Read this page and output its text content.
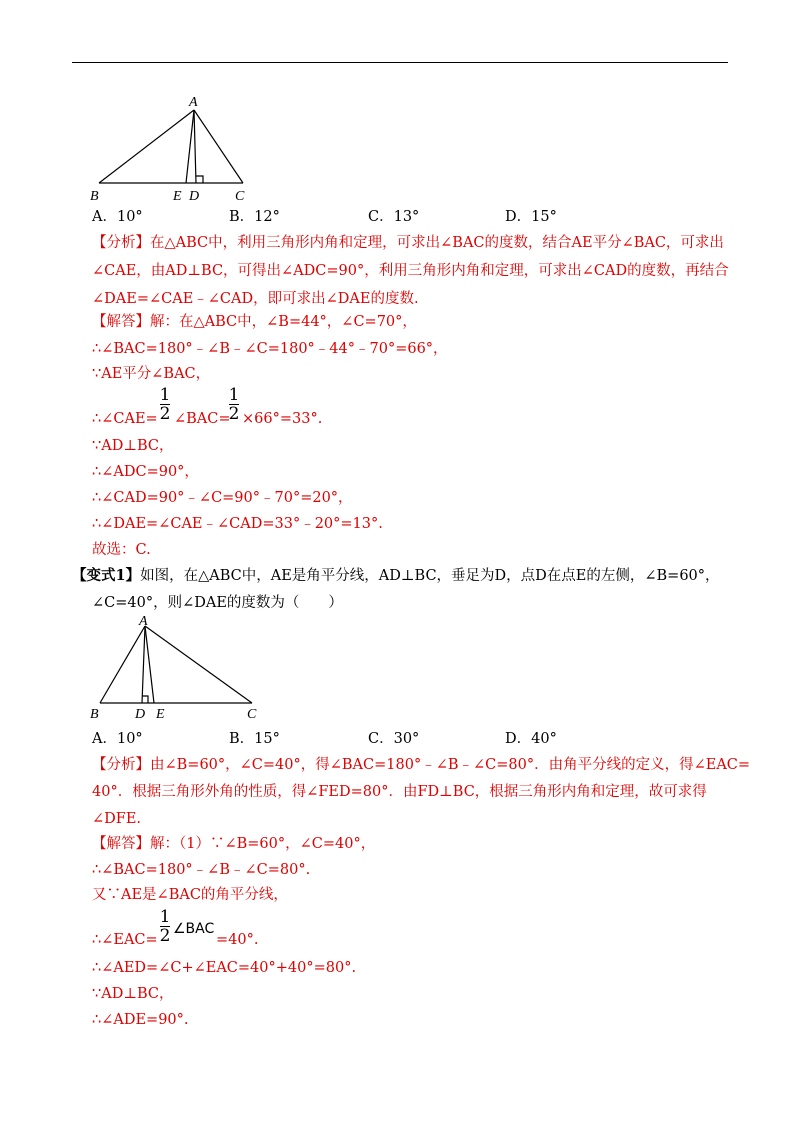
A
B	E D	C
A．10°	B．12°	C．13°	D．15°
【分析】在△ABC中，利用三角形内角和定理，可求出∠BAC的度数，结合AE平分∠BAC，可求出
∠CAE，由AD⊥BC，可得出∠ADC=90°，利用三角形内角和定理，可求出∠CAD的度数，再结合
∠DAE=∠CAE﹣∠CAD，即可求出∠DAE的度数.
【解答】解：在△ABC中，∠B=44°，∠C=70°，
∴∠BAC=180°﹣∠B﹣∠C=180°﹣44°﹣70°=66°，
∵AE平分∠BAC，
∴∠CAE=
1
2 ∠BAC=
1
2 ×66°=33°.
∵AD⊥BC，
∴∠ADC=90°，
∴∠CAD=90°﹣∠C=90°﹣70°=20°，
∴∠DAE=∠CAE﹣∠CAD=33°﹣20°=13°.
故选：C.
【变式1】如图，在△ABC中，AE是角平分线，AD⊥BC，垂足为D，点D在点E的左侧，∠B=60°，
∠C=40°，则∠DAE的度数为（　　）
A
B	D E	C
A．10°	B．15°	C．30°	D．40°
【分析】由∠B=60°，∠C=40°，得∠BAC=180°﹣∠B﹣∠C=80°．由角平分线的定义，得∠EAC=
40°．根据三角形外角的性质，得∠FED=80°．由FD⊥BC，根据三角形内角和定理，故可求得
∠DFE.
【解答】解：（1）∵∠B=60°，∠C=40°，
∴∠BAC=180°﹣∠B﹣∠C=80°.
又∵AE是∠BAC的角平分线，
∴∠EAC=
1
2 ∠BAC
=40°.
∴∠AED=∠C+∠EAC=40°+40°=80°.
∵AD⊥BC，
∴∠ADE=90°.
